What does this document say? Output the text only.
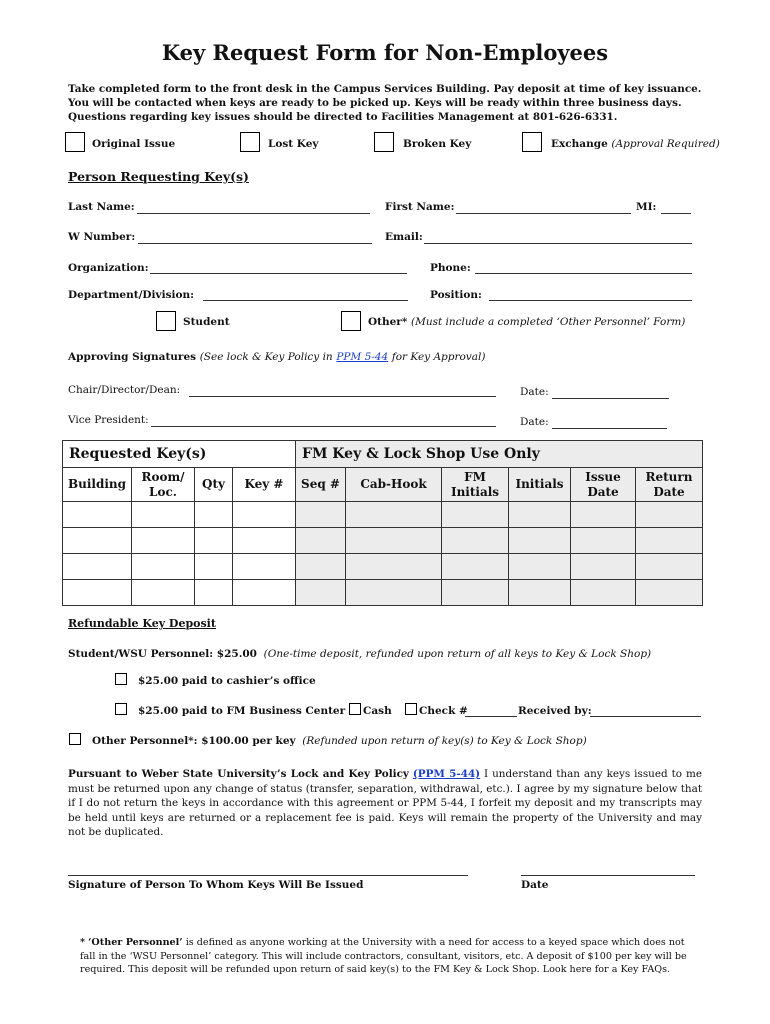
Key Request Form for Non-Employees
Take completed form to the front desk in the Campus Services Building. Pay deposit at time of key issuance. You will be contacted when keys are ready to be picked up. Keys will be ready within three business days. Questions regarding key issues should be directed to Facilities Management at 801-626-6331.
Original Issue	Lost Key	Broken Key	Exchange (Approval Required)
Person Requesting Key(s)
Last Name:	First Name:	MI:
W Number:	Email:
Organization:	Phone:
Department/Division:	Position:
Student	Other* (Must include a completed ‘Other Personnel’ Form)
Approving Signatures (See lock & Key Policy in PPM 5-44 for Key Approval)
Chair/Director/Dean:	Date:
Vice President:	Date:
Requested Key(s)				FM Key & Lock Shop Use Only					
Building	Room/ Loc.	Qty	Key #	Seq #	Cab-Hook	FM Initials	Initials	Issue Date	Return Date

Refundable Key Deposit
Student/WSU Personnel: $25.00 (One-time deposit, refunded upon return of all keys to Key & Lock Shop)
$25.00 paid to cashier’s office
$25.00 paid to FM Business Center Cash	Check #	Received by:
Other Personnel*: $100.00 per key (Refunded upon return of key(s) to Key & Lock Shop)
Pursuant to Weber State University’s Lock and Key Policy (PPM 5-44) I understand than any keys issued to me must be returned upon any change of status (transfer, separation, withdrawal, etc.). I agree by my signature below that if I do not return the keys in accordance with this agreement or PPM 5-44, I forfeit my deposit and my transcripts may be held until keys are returned or a replacement fee is paid. Keys will remain the property of the University and may not be duplicated.
Signature of Person To Whom Keys Will Be Issued	Date
* ‘Other Personnel’ is defined as anyone working at the University with a need for access to a keyed space which does not fall in the ‘WSU Personnel’ category. This will include contractors, consultant, visitors, etc. A deposit of $100 per key will be required. This deposit will be refunded upon return of said key(s) to the FM Key & Lock Shop. Look here for a Key FAQs.
